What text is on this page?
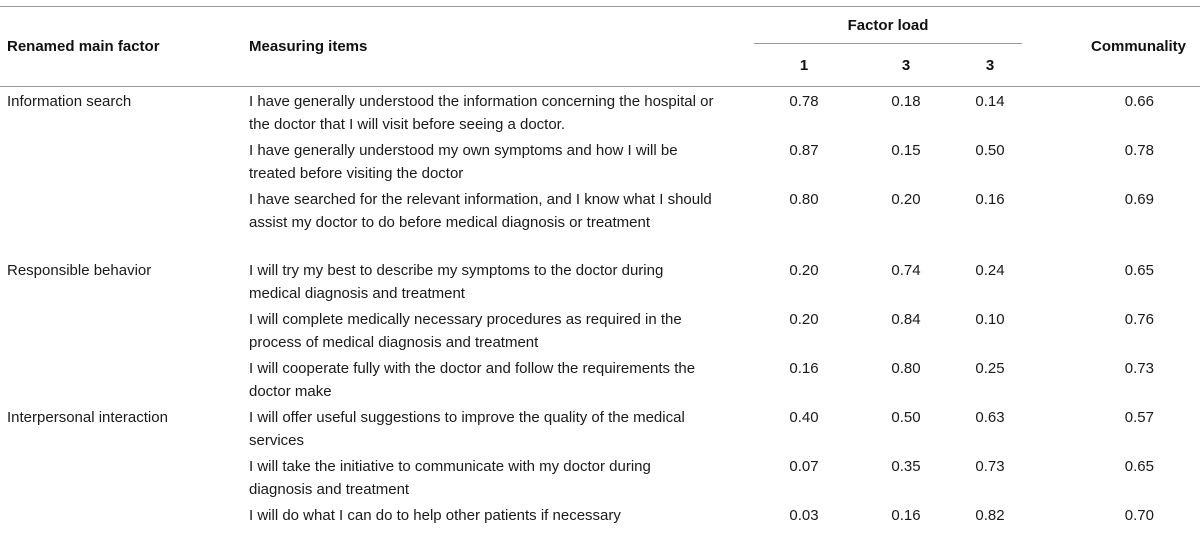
Renamed main factor	Measuring items	Factor load			Communality
		1	3	3	
Information search	I have generally understood the information concerning the hospital or the doctor that I will visit before seeing a doctor.	0.78	0.18	0.14	0.66
	I have generally understood my own symptoms and how I will be treated before visiting the doctor	0.87	0.15	0.50	0.78
	I have searched for the relevant information, and I know what I should assist my doctor to do before medical diagnosis or treatment	0.80	0.20	0.16	0.69
Responsible behavior	I will try my best to describe my symptoms to the doctor during medical diagnosis and treatment	0.20	0.74	0.24	0.65
	I will complete medically necessary procedures as required in the process of medical diagnosis and treatment	0.20	0.84	0.10	0.76
	I will cooperate fully with the doctor and follow the requirements the doctor make	0.16	0.80	0.25	0.73
Interpersonal interaction	I will offer useful suggestions to improve the quality of the medical services	0.40	0.50	0.63	0.57
	I will take the initiative to communicate with my doctor during diagnosis and treatment	0.07	0.35	0.73	0.65
	I will do what I can do to help other patients if necessary	0.03	0.16	0.82	0.70
